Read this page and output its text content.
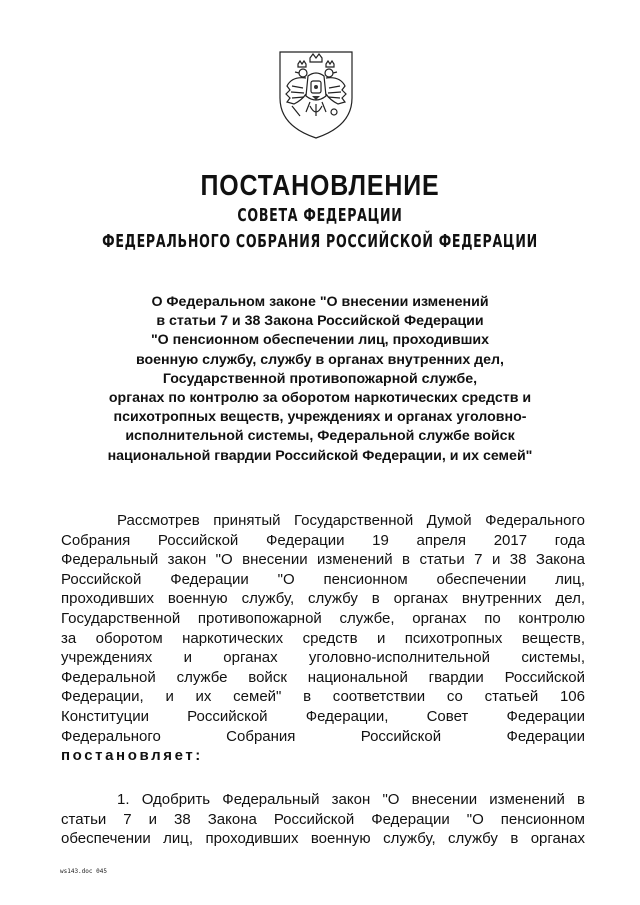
ПОСТАНОВЛЕНИЕ
СОВЕТА ФЕДЕРАЦИИ
ФЕДЕРАЛЬНОГО СОБРАНИЯ РОССИЙСКОЙ ФЕДЕРАЦИИ
О Федеральном законе "О внесении изменений
в статьи 7 и 38 Закона Российской Федерации
"О пенсионном обеспечении лиц, проходивших
военную службу, службу в органах внутренних дел,
Государственной противопожарной службе,
органах по контролю за оборотом наркотических средств и
психотропных веществ, учреждениях и органах уголовно-
исполнительной системы, Федеральной службе войск
национальной гвардии Российской Федерации, и их семей"
Рассмотрев принятый Государственной Думой Федерального
Собрания Российской Федерации 19 апреля 2017 года
Федеральный закон "О внесении изменений в статьи 7 и 38 Закона
Российской Федерации "О пенсионном обеспечении лиц,
проходивших военную службу, службу в органах внутренних дел,
Государственной противопожарной службе, органах по контролю
за оборотом наркотических средств и психотропных веществ,
учреждениях и органах уголовно-исполнительной системы,
Федеральной службе войск национальной гвардии Российской
Федерации, и их семей" в соответствии со статьей 106
Конституции Российской Федерации, Совет Федерации
Федерального Собрания Российской Федерации
постановляет:
1. Одобрить Федеральный закон "О внесении изменений в
статьи 7 и 38 Закона Российской Федерации "О пенсионном
обеспечении лиц, проходивших военную службу, службу в органах
ws143.doc 045
